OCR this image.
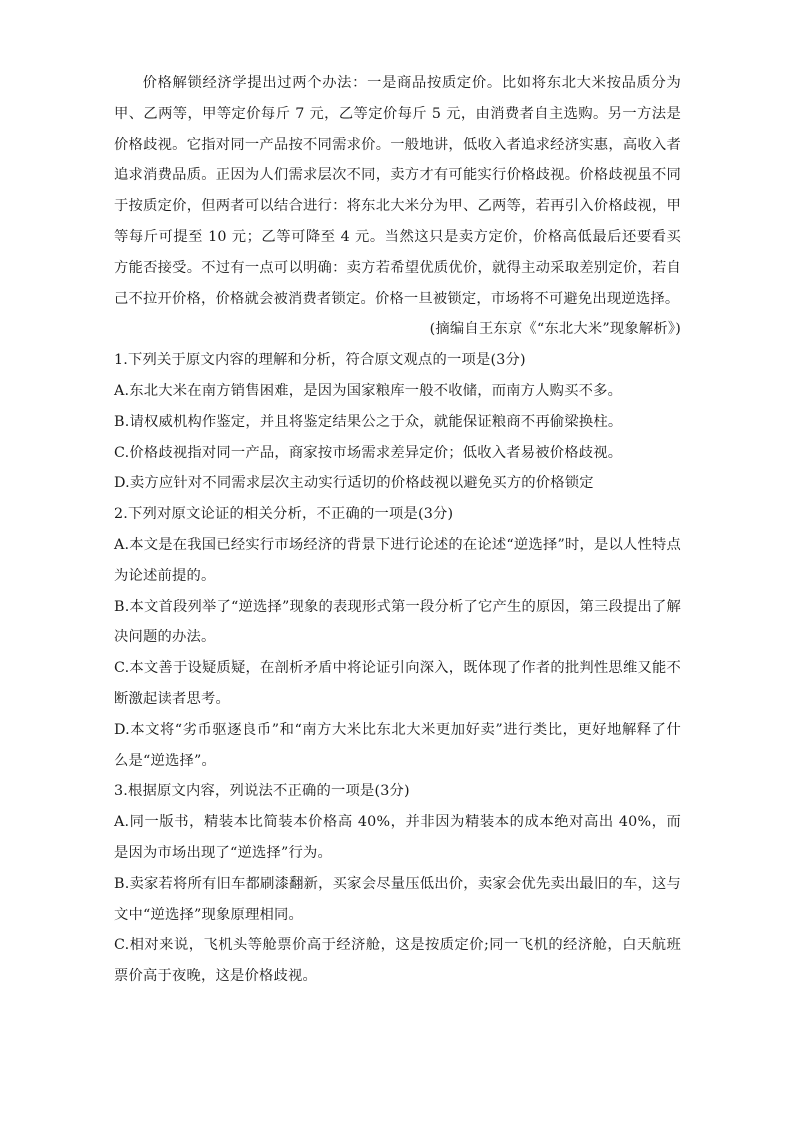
价格解锁经济学提出过两个办法：一是商品按质定价。比如将东北大米按品质分为甲、乙两等，甲等定价每斤 7 元，乙等定价每斤 5 元，由消费者自主选购。另一方法是价格歧视。它指对同一产品按不同需求价。一般地讲，低收入者追求经济实惠，高收入者追求消费品质。正因为人们需求层次不同，卖方才有可能实行价格歧视。价格歧视虽不同于按质定价，但两者可以结合进行：将东北大米分为甲、乙两等，若再引入价格歧视，甲等每斤可提至 10 元；乙等可降至 4 元。当然这只是卖方定价，价格高低最后还要看买方能否接受。不过有一点可以明确：卖方若希望优质优价，就得主动采取差别定价，若自己不拉开价格，价格就会被消费者锁定。价格一旦被锁定，市场将不可避免出现逆选择。

(摘编自王东京《“东北大米”现象解析》)

1.下列关于原文内容的理解和分析，符合原文观点的一项是(3分)

A.东北大米在南方销售困难，是因为国家粮库一般不收储，而南方人购买不多。

B.请权威机构作鉴定，并且将鉴定结果公之于众，就能保证粮商不再偷梁换柱。

C.价格歧视指对同一产品，商家按市场需求差异定价；低收入者易被价格歧视。

D.卖方应针对不同需求层次主动实行适切的价格歧视以避免买方的价格锁定

2.下列对原文论证的相关分析，不正确的一项是(3分)

A.本文是在我国已经实行市场经济的背景下进行论述的在论述“逆选择”时，是以人性特点为论述前提的。

B.本文首段列举了“逆选择”现象的表现形式第一段分析了它产生的原因，第三段提出了解决问题的办法。

C.本文善于设疑质疑，在剖析矛盾中将论证引向深入，既体现了作者的批判性思维又能不断激起读者思考。

D.本文将“劣币驱逐良币”和“南方大米比东北大米更加好卖”进行类比，更好地解释了什么是“逆选择”。

3.根据原文内容，列说法不正确的一项是(3分)

A.同一版书，精装本比简装本价格高 40%，并非因为精装本的成本绝对高出 40%，而是因为市场出现了“逆选择”行为。

B.卖家若将所有旧车都刷漆翻新，买家会尽量压低出价，卖家会优先卖出最旧的车，这与文中“逆选择”现象原理相同。

C.相对来说，飞机头等舱票价高于经济舱，这是按质定价;同一飞机的经济舱，白天航班票价高于夜晚，这是价格歧视。
